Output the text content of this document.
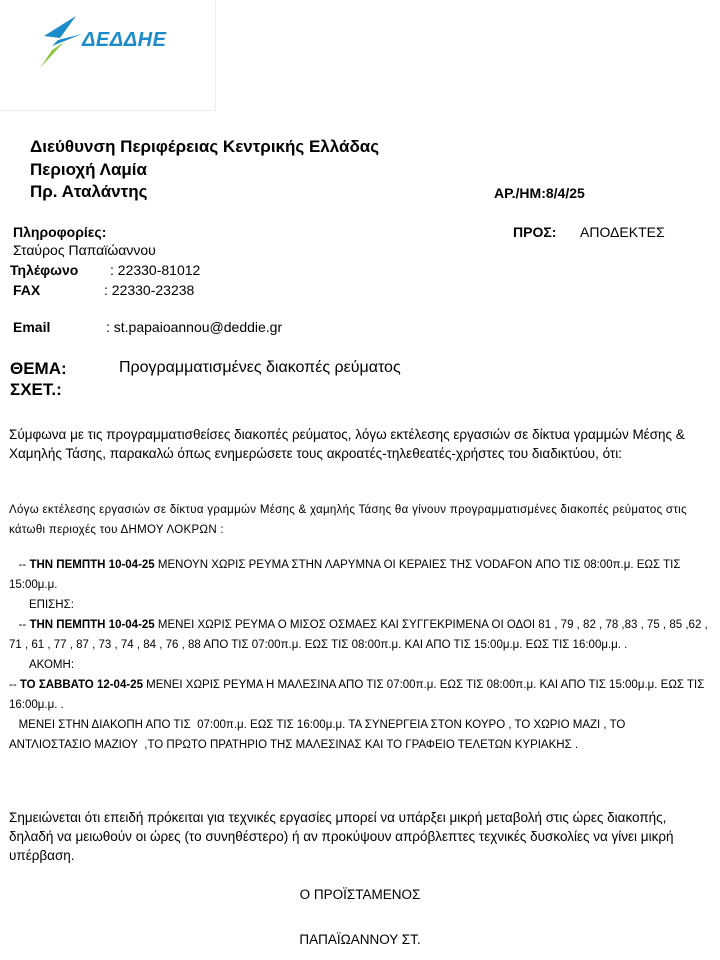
ΔΕΔΔΗΕ
Διεύθυνση Περιφέρειας Κεντρικής Ελλάδας
Περιοχή Λαμία
Πρ. Αταλάντης	ΑΡ./ΗΜ:8/4/25
Πληροφορίες:
Σταύρος Παπαϊώαννου
Τηλέφωνο : 22330-81012
FAX	: 22330-23238
Email	: st.papaioannou@deddie.gr
ΠΡΟΣ: ΑΠΟΔΕΚΤΕΣ
ΘΕΜΑ:	Προγραμματισμένες διακοπές ρεύματος
ΣΧΕΤ.:
Σύμφωνα με τις προγραμματισθείσες διακοπές ρεύματος, λόγω εκτέλεσης εργασιών σε δίκτυα γραμμών Μέσης & Χαμηλής Τάσης, παρακαλώ όπως ενημερώσετε τους ακροατές-τηλεθεατές-χρήστες του διαδικτύου, ότι:
Λόγω εκτέλεσης εργασιών σε δίκτυα γραμμών Μέσης & χαμηλής Τάσης θα γίνουν προγραμματισμένες διακοπές ρεύματος στις κάτωθι περιοχές του ΔΗΜΟΥ ΛΟΚΡΩΝ :

-- ΤΗΝ ΠΕΜΠΤΗ 10-04-25 ΜΕΝΟΥΝ ΧΩΡΙΣ ΡΕΥΜΑ ΣΤΗΝ ΛΑΡΥΜΝΑ ΟΙ ΚΕΡΑΙΕΣ ΤΗΣ VODAFON ΑΠΟ ΤΙΣ 08:00π.μ. ΕΩΣ ΤΙΣ 15:00μ.μ.

ΕΠΙΣΗΣ:

-- ΤΗΝ ΠΕΜΠΤΗ 10-04-25 ΜΕΝΕΙ ΧΩΡΙΣ ΡΕΥΜΑ Ο ΜΙΣΟΣ ΟΣΜΑΕΣ ΚΑΙ ΣΥΓΓΕΚΡΙΜΕΝΑ ΟΙ ΟΔΟΙ 81 , 79 , 82 , 78 ,83 , 75 , 85 ,62 , 71 , 61 , 77 , 87 , 73 , 74 , 84 , 76 , 88 ΑΠΟ ΤΙΣ 07:00π.μ. ΕΩΣ ΤΙΣ 08:00π.μ. ΚΑΙ ΑΠΟ ΤΙΣ 15:00μ.μ. ΕΩΣ ΤΙΣ 16:00μ.μ. .

ΑΚΟΜΗ:

-- ΤΟ ΣΑΒΒΑΤΟ 12-04-25 ΜΕΝΕΙ ΧΩΡΙΣ ΡΕΥΜΑ Η ΜΑΛΕΣΙΝΑ ΑΠΟ ΤΙΣ 07:00π.μ. ΕΩΣ ΤΙΣ 08:00π.μ. ΚΑΙ ΑΠΟ ΤΙΣ 15:00μ.μ. ΕΩΣ ΤΙΣ 16:00μ.μ. .

ΜΕΝΕΙ ΣΤΗΝ ΔΙΑΚΟΠΗ ΑΠΟ ΤΙΣ  07:00π.μ. ΕΩΣ ΤΙΣ 16:00μ.μ. ΤΑ ΣΥΝΕΡΓΕΙΑ ΣΤΟΝ ΚΟΥΡΟ , ΤΟ ΧΩΡΙΟ ΜΑΖΙ , ΤΟ ΑΝΤΛΙΟΣΤΑΣΙΟ ΜΑΖΙΟΥ  ,ΤΟ ΠΡΩΤΟ ΠΡΑΤΗΡΙΟ ΤΗΣ ΜΑΛΕΣΙΝΑΣ ΚΑΙ ΤΟ ΓΡΑΦΕΙΟ ΤΕΛΕΤΩΝ ΚΥΡΙΑΚΗΣ .

Σημειώνεται ότι επειδή πρόκειται για τεχνικές εργασίες μπορεί να υπάρξει μικρή μεταβολή στις ώρες διακοπής, δηλαδή να μειωθούν οι ώρες (το συνηθέστερο) ή αν προκύψουν απρόβλεπτες τεχνικές δυσκολίες να γίνει μικρή υπέρβαση.
Ο ΠΡΟΪΣΤΑΜΕΝΟΣ
ΠΑΠΑΪΩΑΝΝΟΥ ΣΤ.
